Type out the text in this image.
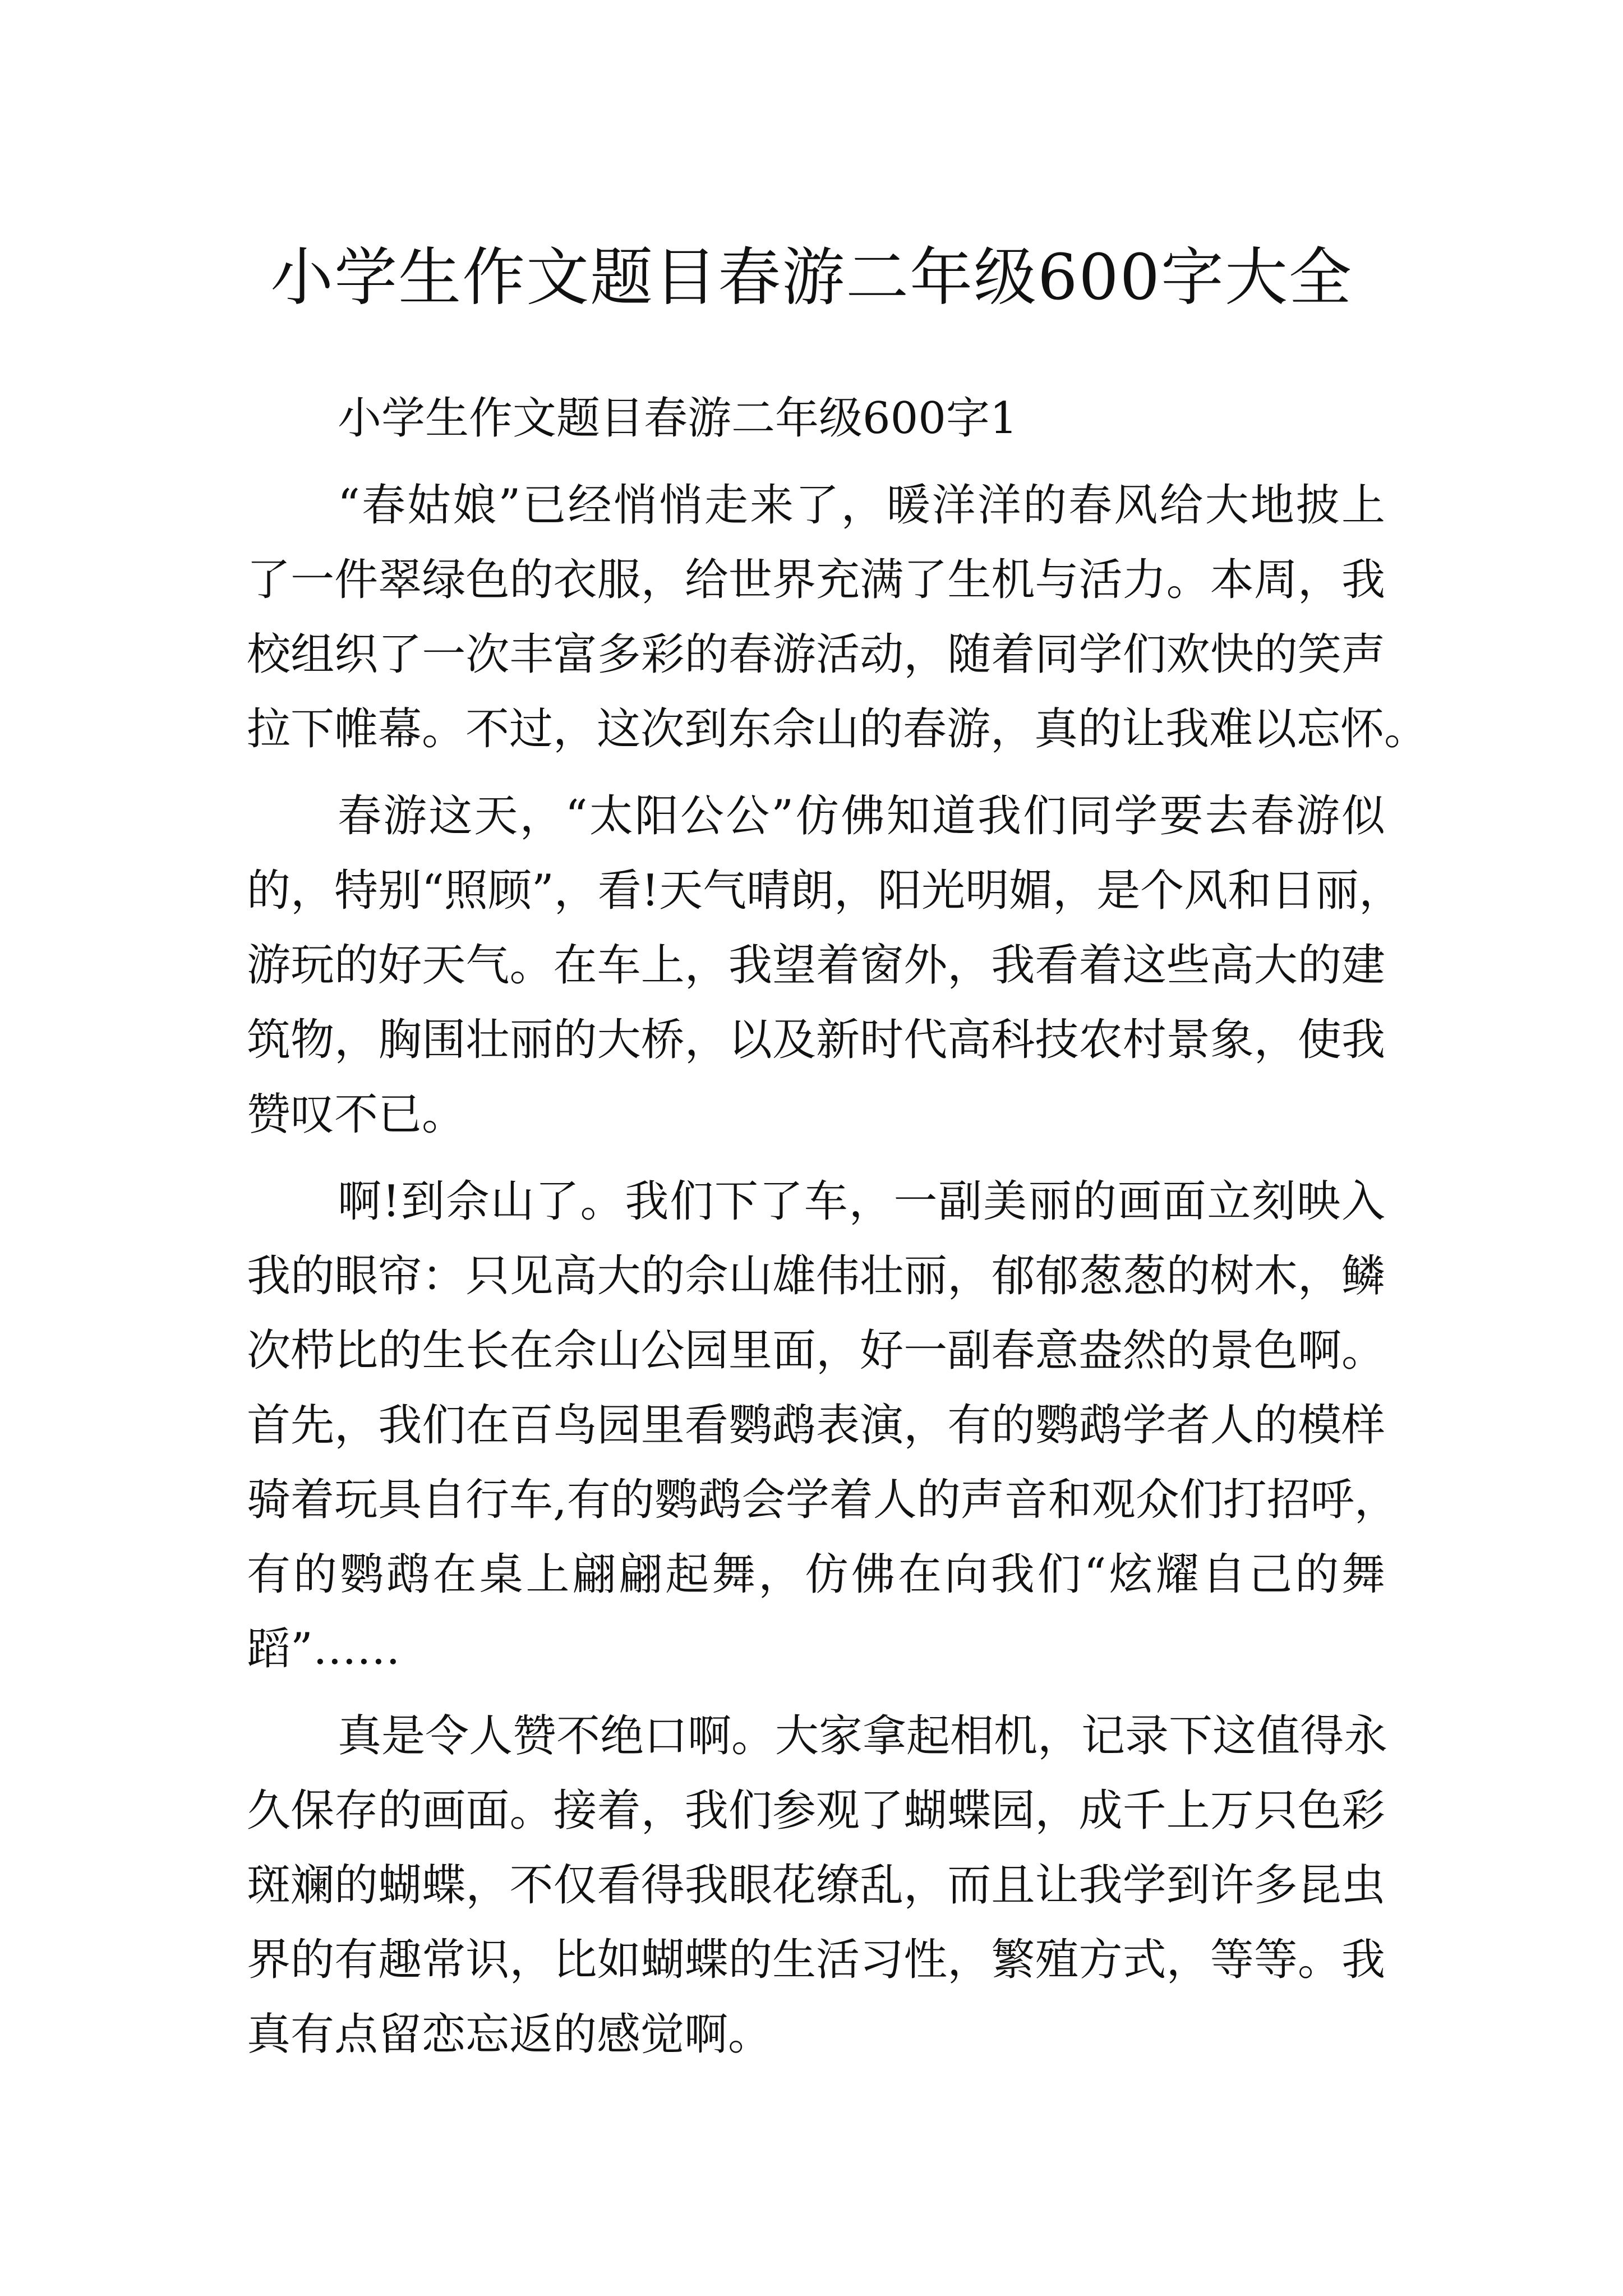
小学生作文题目春游二年级600字大全
小学生作文题目春游二年级600字1
“春姑娘”已经悄悄走来了，暖洋洋的春风给大地披上
了一件翠绿色的衣服，给世界充满了生机与活力。本周，我
校组织了一次丰富多彩的春游活动，随着同学们欢快的笑声
拉下帷幕。不过，这次到东佘山的春游，真的让我难以忘怀。
春游这天，“太阳公公”仿佛知道我们同学要去春游似
的，特别“照顾”，看!天气晴朗，阳光明媚，是个风和日丽，
游玩的好天气。在车上，我望着窗外，我看着这些高大的建
筑物，胸围壮丽的大桥，以及新时代高科技农村景象，使我
赞叹不已。
啊!到佘山了。我们下了车，一副美丽的画面立刻映入
我的眼帘：只见高大的佘山雄伟壮丽，郁郁葱葱的树木，鳞
次栉比的生长在佘山公园里面，好一副春意盎然的景色啊。
首先，我们在百鸟园里看鹦鹉表演，有的鹦鹉学者人的模样
骑着玩具自行车,有的鹦鹉会学着人的声音和观众们打招呼，
有的鹦鹉在桌上翩翩起舞，仿佛在向我们“炫耀自己的舞
蹈”……
真是令人赞不绝口啊。大家拿起相机，记录下这值得永
久保存的画面。接着，我们参观了蝴蝶园，成千上万只色彩
斑斓的蝴蝶，不仅看得我眼花缭乱，而且让我学到许多昆虫
界的有趣常识，比如蝴蝶的生活习性，繁殖方式，等等。我
真有点留恋忘返的感觉啊。
